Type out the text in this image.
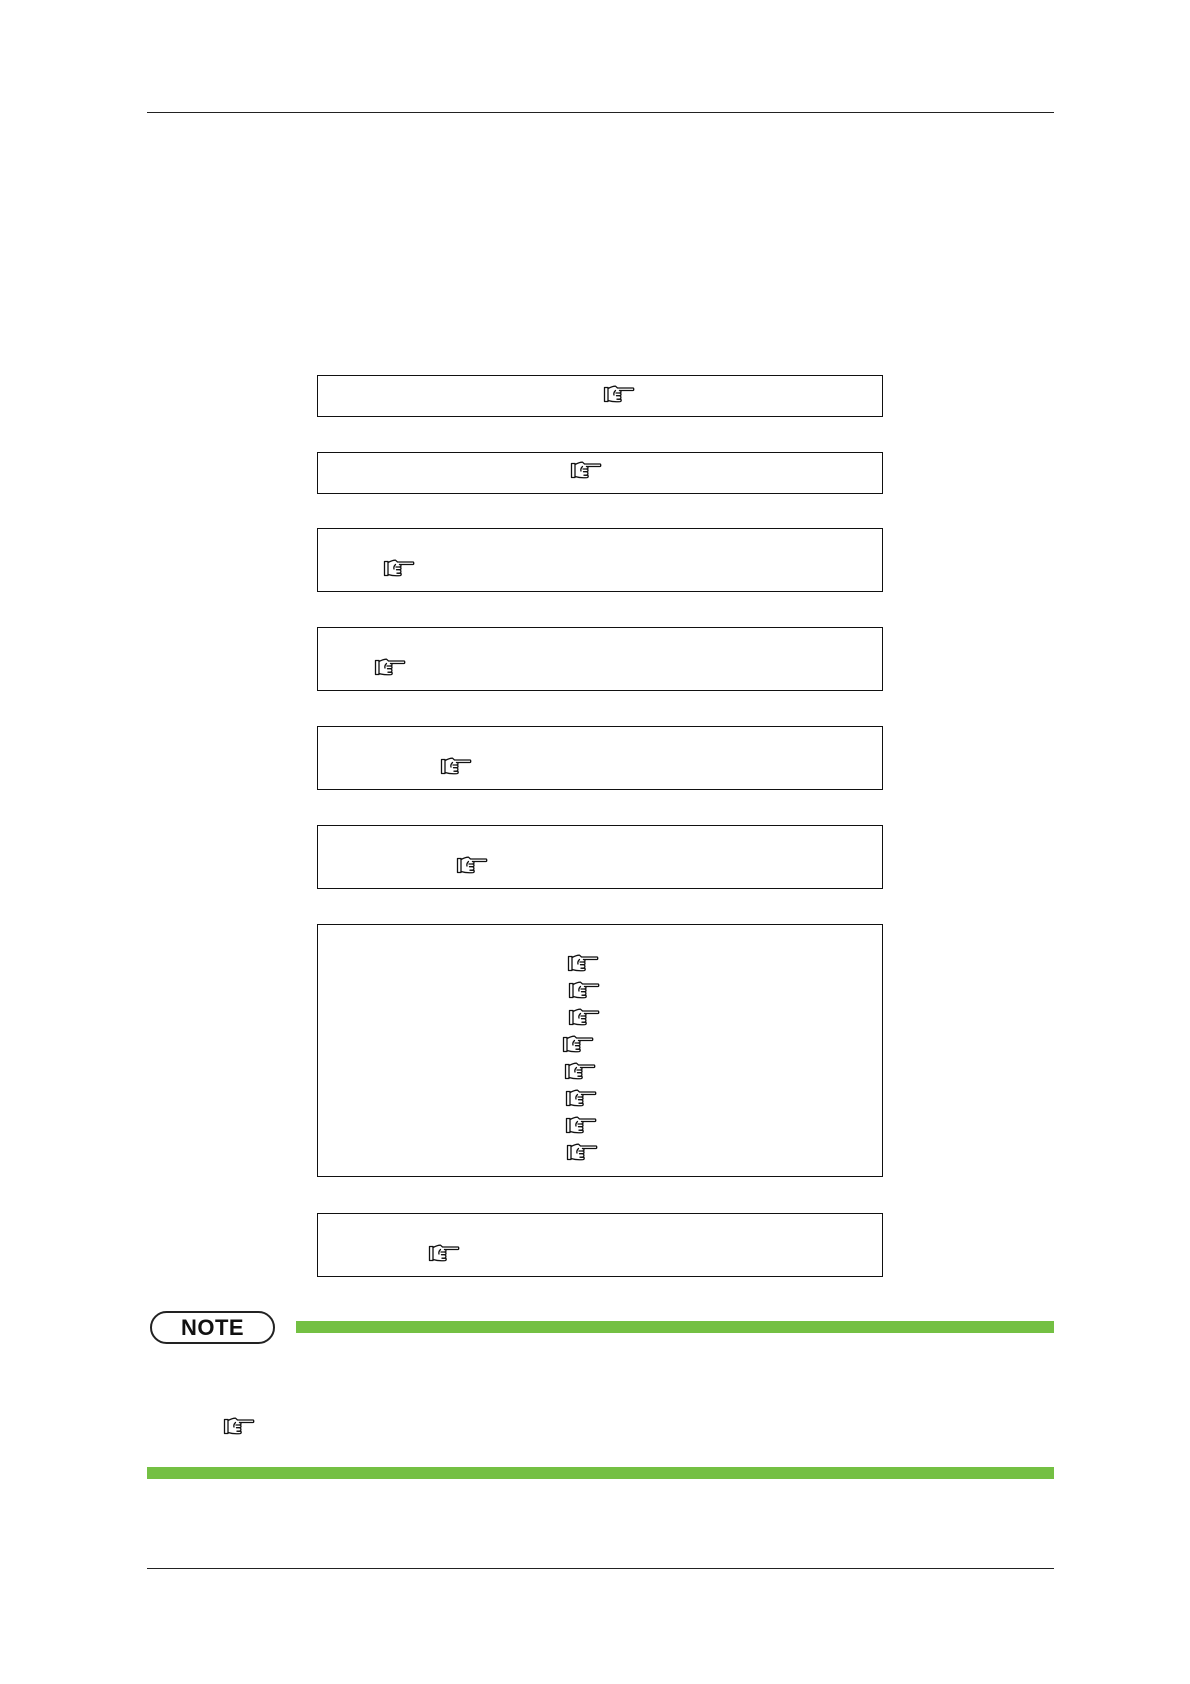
NOTE
